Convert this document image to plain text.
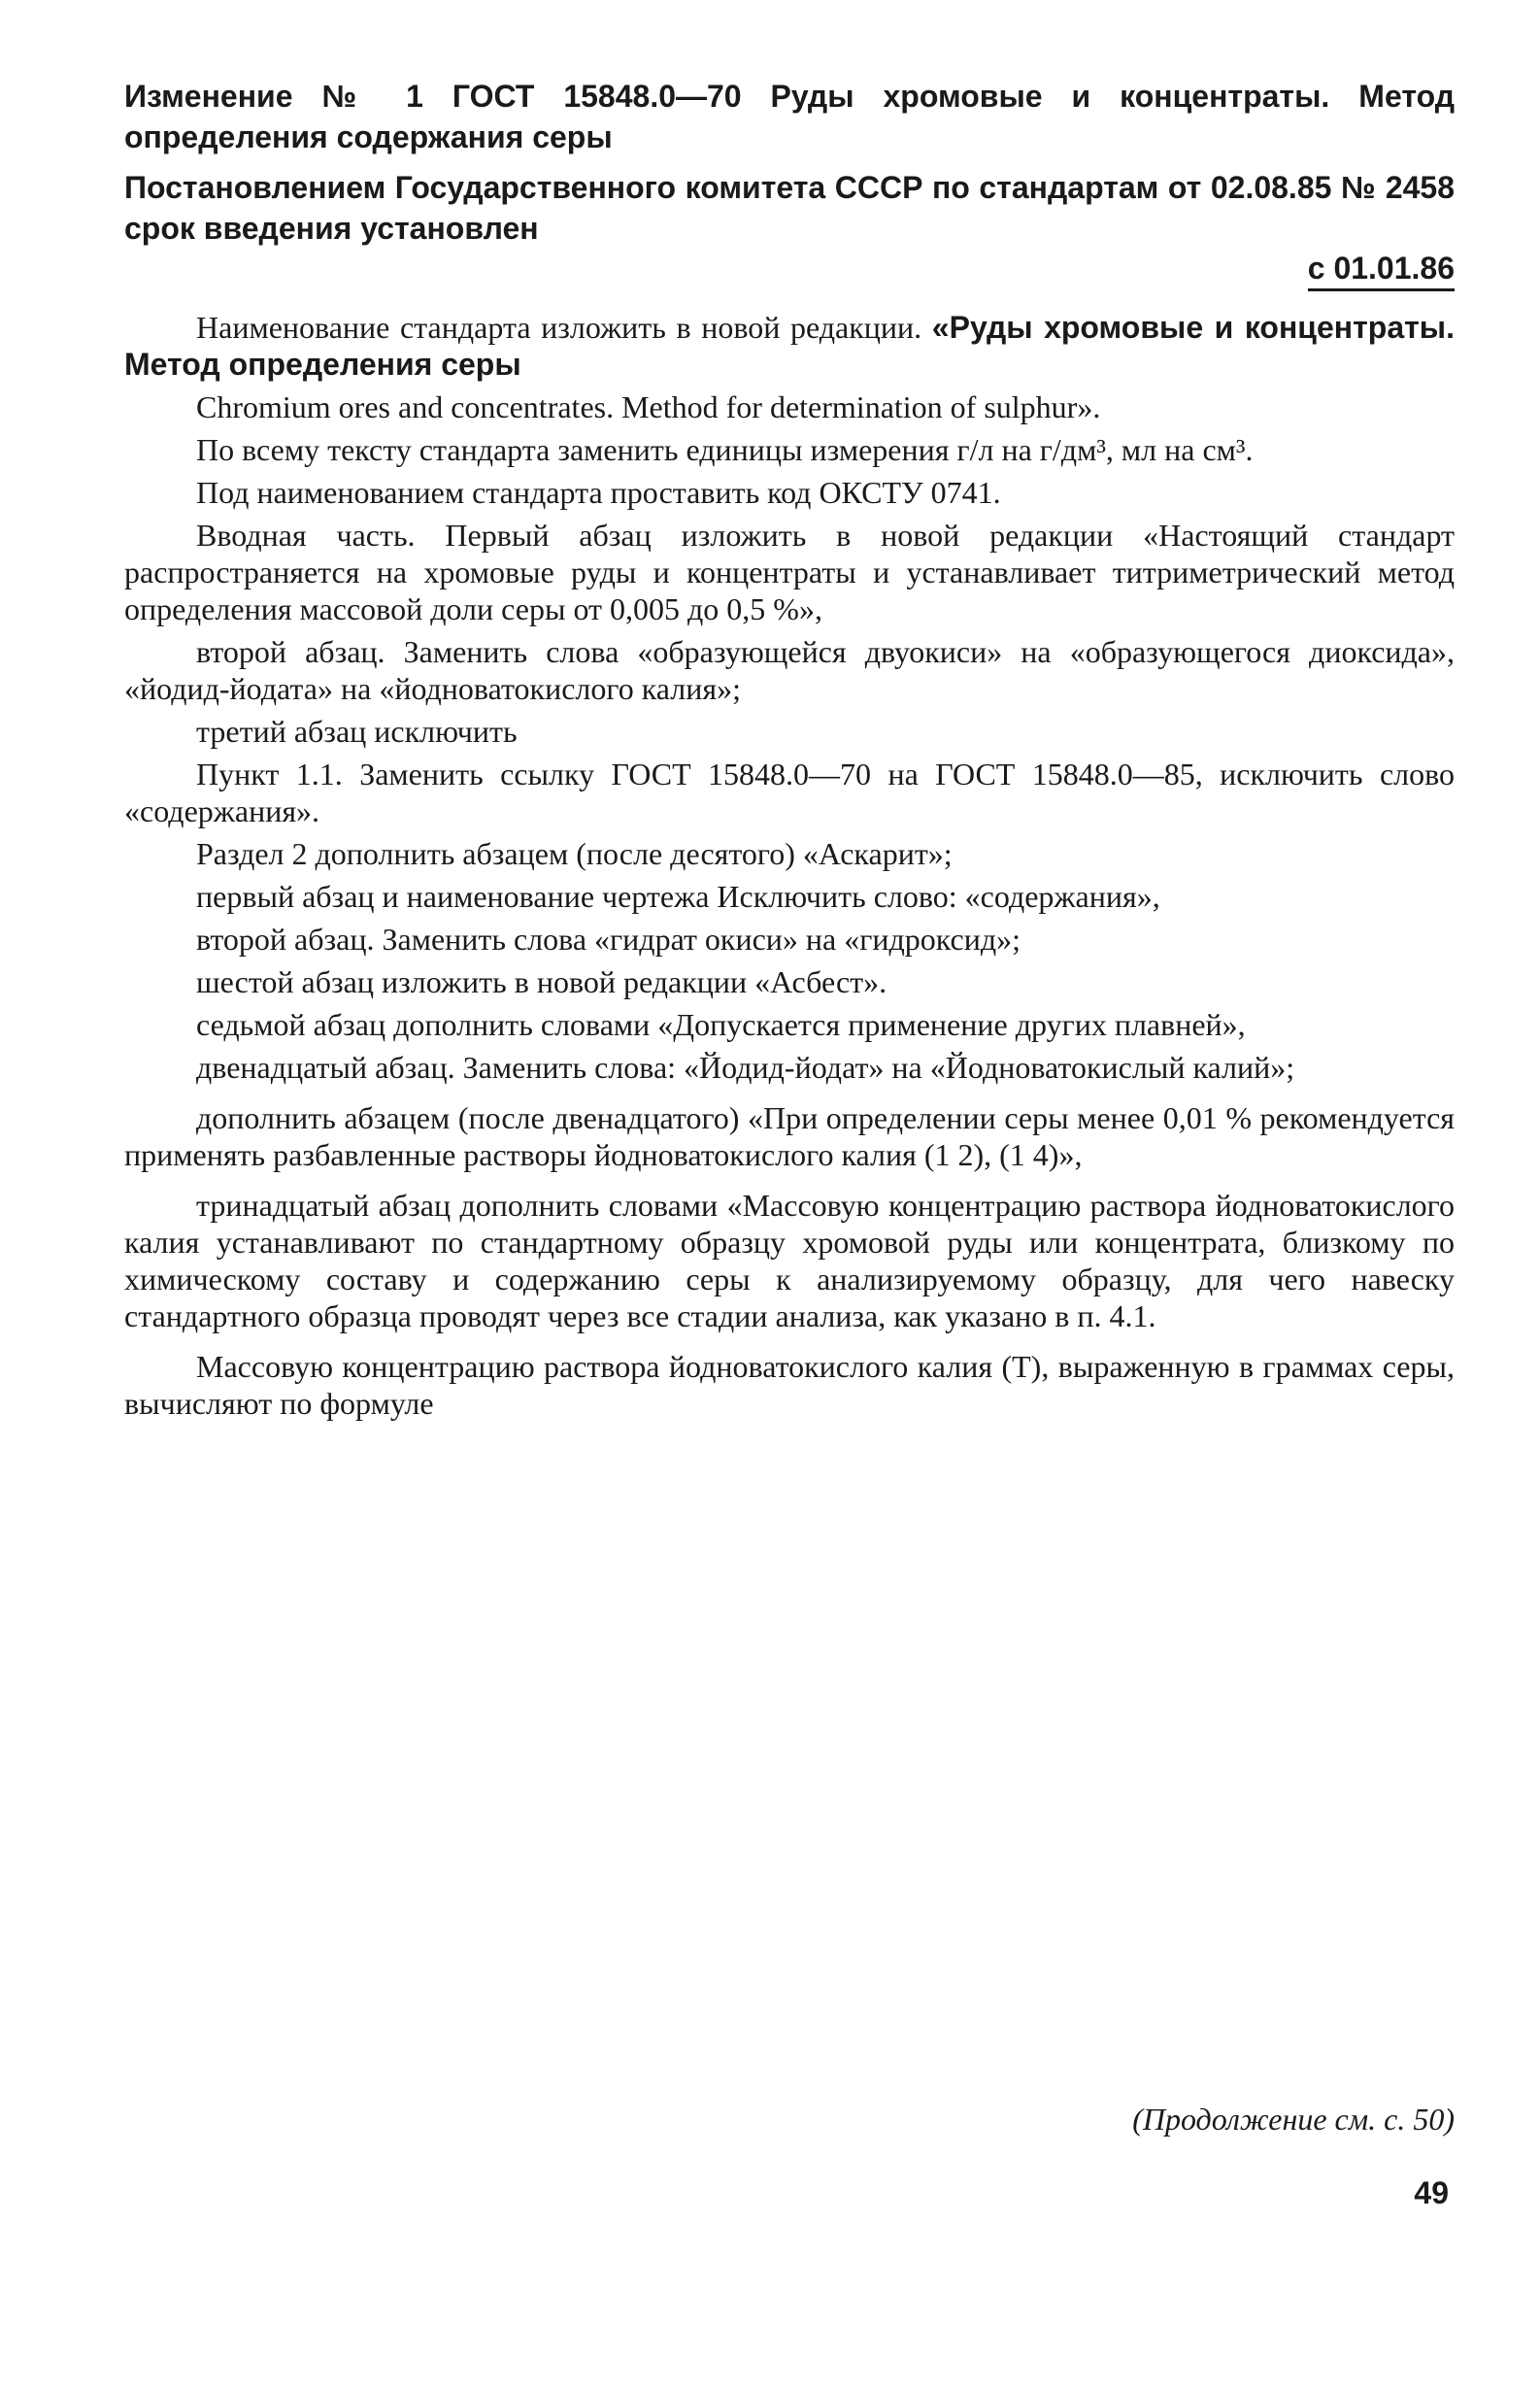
Изменение № 1 ГОСТ 15848.0—70 Руды хромовые и концентраты. Метод определения содержания серы
Постановлением Государственного комитета СССР по стандартам от 02.08.85 № 2458 срок введения установлен
с 01.01.86

Наименование стандарта изложить в новой редакции. «Руды хромовые и концентраты. Метод определения серы

Chromium ores and concentrates. Method for determination of sulphur».

По всему тексту стандарта заменить единицы измерения г/л на г/дм³, мл на см³.

Под наименованием стандарта проставить код ОКСТУ 0741.

Вводная часть. Первый абзац изложить в новой редакции «Настоящий стандарт распространяется на хромовые руды и концентраты и устанавливает титриметрический метод определения массовой доли серы от 0,005 до 0,5 %»,

второй абзац. Заменить слова «образующейся двуокиси» на «образующегося диоксида», «йодид-йодата» на «йодноватокислого калия»;

третий абзац исключить

Пункт 1.1. Заменить ссылку ГОСТ 15848.0—70 на ГОСТ 15848.0—85, исключить слово «содержания».

Раздел 2 дополнить абзацем (после десятого) «Аскарит»;

первый абзац и наименование чертежа Исключить слово: «содержания»,

второй абзац. Заменить слова «гидрат окиси» на «гидроксид»;

шестой абзац изложить в новой редакции «Асбест».

седьмой абзац дополнить словами «Допускается применение других плавней»,

двенадцатый абзац. Заменить слова: «Йодид-йодат» на «Йодноватокислый калий»;

дополнить абзацем (после двенадцатого) «При определении серы менее 0,01 % рекомендуется применять разбавленные растворы йодноватокислого калия (1 2), (1 4)»,

тринадцатый абзац дополнить словами «Массовую концентрацию раствора йодноватокислого калия устанавливают по стандартному образцу хромовой руды или концентрата, близкому по химическому составу и содержанию серы к анализируемому образцу, для чего навеску стандартного образца проводят через все стадии анализа, как указано в п. 4.1.

Массовую концентрацию раствора йодноватокислого калия (T), выраженную в граммах серы, вычисляют по формуле

(Продолжение см. с. 50)
49
